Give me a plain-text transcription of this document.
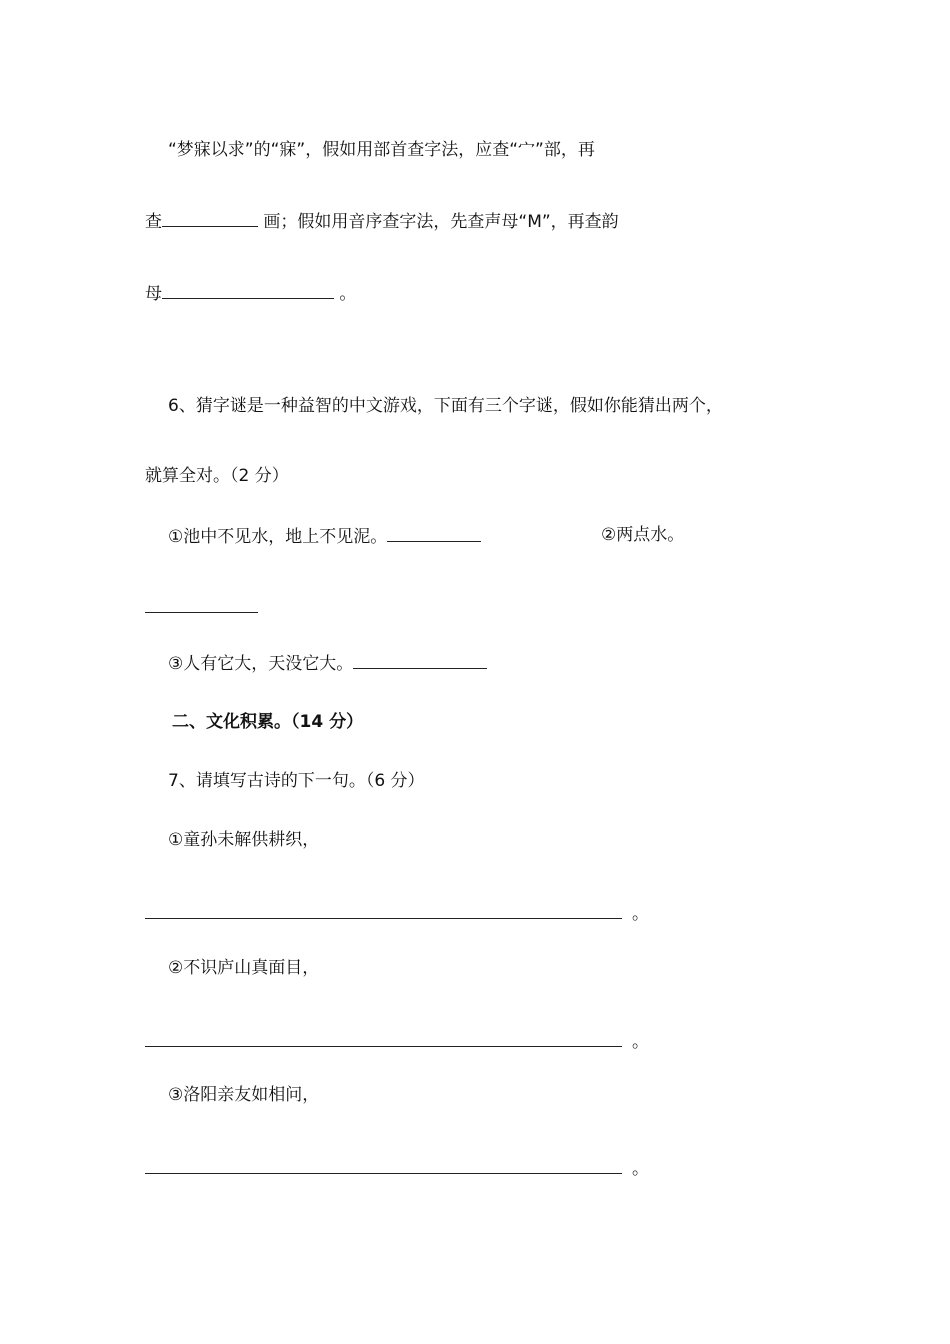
“梦寐以求”的“寐”，假如用部首查字法，应查“宀”部，再
查	画；假如用音序查字法，先查声母“M”，再查韵
母	。
6、猜字谜是一种益智的中文游戏，下面有三个字谜，假如你能猜出两个，
就算全对。（2 分）
①池中不见水，地上不见泥。	②两点水。
③人有它大，天没它大。
二、文化积累。（14 分）
7、请填写古诗的下一句。（6 分）
①童孙未解供耕织，
。
②不识庐山真面目，
。
③洛阳亲友如相问，
。
